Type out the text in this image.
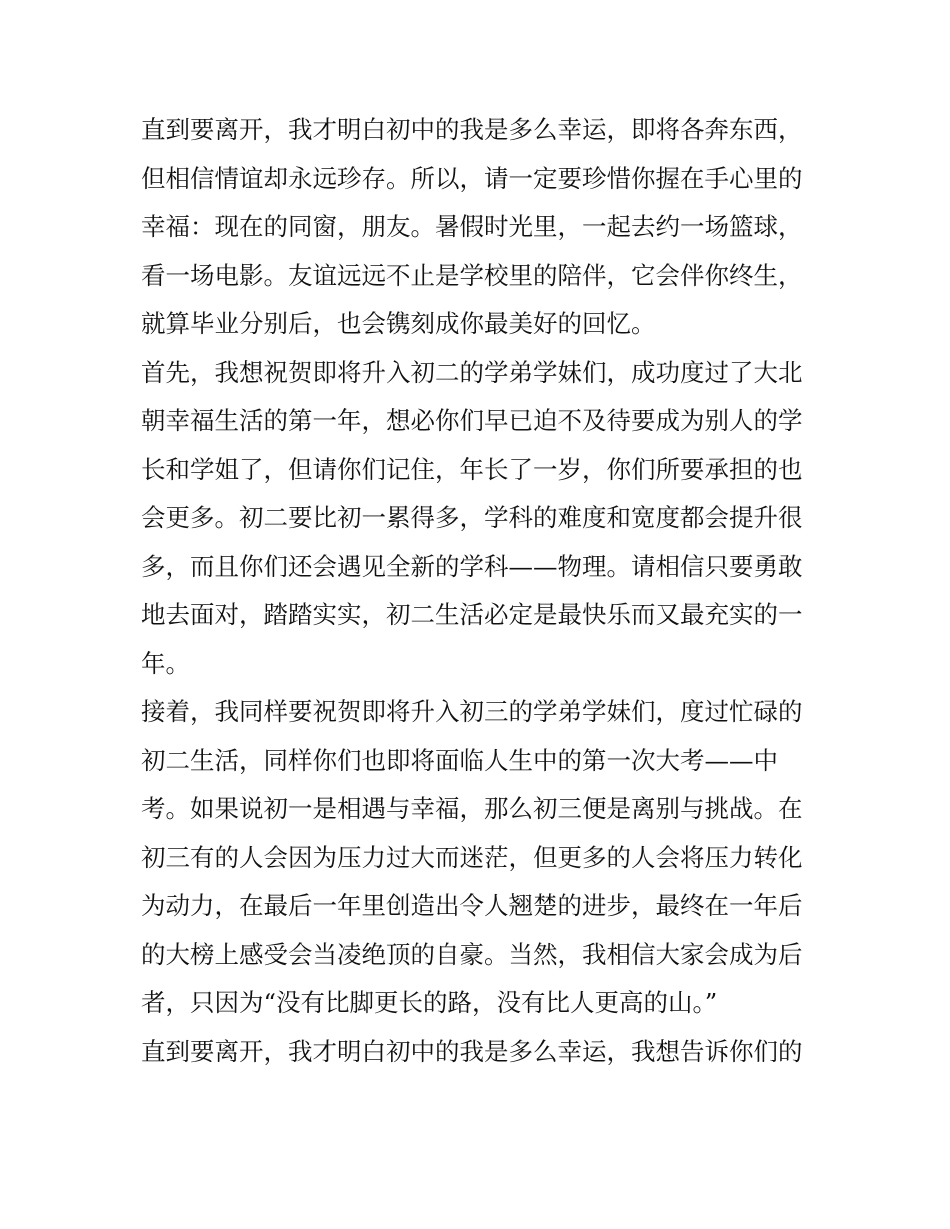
直到要离开，我才明白初中的我是多么幸运，即将各奔东西，
但相信情谊却永远珍存。所以，请一定要珍惜你握在手心里的
幸福：现在的同窗，朋友。暑假时光里，一起去约一场篮球，
看一场电影。友谊远远不止是学校里的陪伴，它会伴你终生，
就算毕业分别后，也会镌刻成你最美好的回忆。
首先，我想祝贺即将升入初二的学弟学妹们，成功度过了大北
朝幸福生活的第一年，想必你们早已迫不及待要成为别人的学
长和学姐了，但请你们记住，年长了一岁，你们所要承担的也
会更多。初二要比初一累得多，学科的难度和宽度都会提升很
多，而且你们还会遇见全新的学科——物理。请相信只要勇敢
地去面对，踏踏实实，初二生活必定是最快乐而又最充实的一
年。
接着，我同样要祝贺即将升入初三的学弟学妹们，度过忙碌的
初二生活，同样你们也即将面临人生中的第一次大考——中
考。如果说初一是相遇与幸福，那么初三便是离别与挑战。在
初三有的人会因为压力过大而迷茫，但更多的人会将压力转化
为动力，在最后一年里创造出令人翘楚的进步，最终在一年后
的大榜上感受会当凌绝顶的自豪。当然，我相信大家会成为后
者，只因为“没有比脚更长的路，没有比人更高的山。”
直到要离开，我才明白初中的我是多么幸运，我想告诉你们的
